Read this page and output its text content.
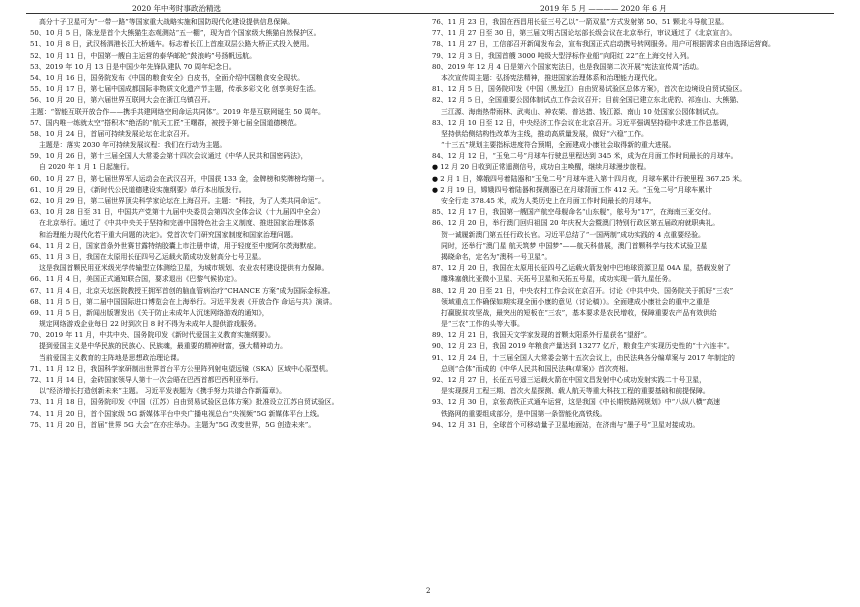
2020 年中考时事政治精选	2019 年 5 月 ———— 2020 年 6 月
高分十子卫星可为“一带一路”等国家重大战略实施和国防现代化建设提供信息保障。
50、10 月 5 日，陈龙是首个大熊猫生态观测站“五一棚”，现为首个国家级大熊猫自然保护区。
51、10 月 8 日，武汉杨泗港长江大桥通车。标志着长江上首座双层公路大桥正式投入使用。
52、10 月 11 日，中国第一艘自主运营的泰华邮轮“鼓浪屿”号扬帆远航。
53、2019 年 10 月 13 日是中国少年先锋队建队 70 周年纪念日。
54、10 月 16 日，国务院发布《中国的粮食安全》白皮书，全面介绍中国粮食安全现状。
55、10 月 17 日，第七届中国成都国际非物质文化遗产节主题，传承多彩文化 创享美好生活。
56、10 月 20 日，第六届世界互联网大会在浙江乌镇召开。
主题：“智能互联开放合作——携手共建网络空间命运共同体”。2019 年是互联网诞生 50 周年。
57、国内唯一练就太空“搭积木”绝活的“航天工匠”王曙群，被授予第七届全国道德模范。
58、10 月 24 日，首届可持续发展论坛在北京召开。
主题是：落实 2030 年可持续发展议程：我们在行动为主题。
59、10 月 26 日，第十三届全国人大常委会第十四次会议通过《中华人民共和国密码法》，
自 2020 年 1 月 1 日起施行。
60、10 月 27 日，第七届世界军人运动会在武汉召开，中国获 133 金，金牌榜和奖牌榜均第一。
61、10 月 29 日，《新时代公民道德建设实施纲要》单行本出版发行。
62、10 月 29 日，第二届世界顶尖科学家论坛在上海召开。主题：“科技，为了人类共同命运”。
63、10 月 28 日至 31 日，中国共产党第十九届中央委员会第四次全体会议（十九届四中全会）
在北京举行。通过了《中共中央关于坚持和完善中国特色社会主义制度、推进国家治理体系
和治理能力现代化若干重大问题的决定》。党首次专门研究国家制度和国家治理问题。
64、11 月 2 日，国家首条外世赛甘露特纳胶囊上市注册申请，用于轻度至中度阿尔茨海默症。
65、11 月 3 日，我国在太原用长征四号乙运载火箭成功发射高分七号卫星。
这是我国首颗民用亚米级光学传输型立体测绘卫星，为城市规划、农业农村建设提供有力保障。
66、11 月 4 日，美国正式通知联合国，要求退出《巴黎气候协定》。
67、11 月 4 日，北京天坛医院教授王拥军首创的脑血管病治疗“CHANCE 方案”成为国际金标准。
68、11 月 5 日，第二届中国国际进口博览会在上海举行。习近平发表《开放合作 命运与共》演讲。
69、11 月 5 日，新闻出版署发出《关于防止未成年人沉迷网络游戏的通知》，
规定网络游戏企业每日 22 时到次日 8 时不得为未成年人提供游戏服务。
70、2019 年 11 月，中共中央、国务院印发《新时代爱国主义教育实施纲要》。
提到爱国主义是中华民族的民族心、民族魂，最重要的精神财富，强大精神动力。
当前爱国主义教育的主阵地是思想政治理论课。
71、11 月 12 日，我国科学家研制出世界首台平方公里阵列射电望远镜（SKA）区域中心原型机。
72、11 月 14 日，金砖国家领导人第十一次会晤在巴西首都巴西利亚举行。
以“经济增长打造创新未来”主题。 习近平发表题为《携手努力共谱合作新篇章》。
73、11 月 18 日，国务院印发《中国（江苏）自由贸易试验区总体方案》批准设立江苏自贸试验区。
74、11 月 20 日，首个国家级 5G 新媒体平台中央广播电视总台“央视频”5G 新媒体平台上线。
75、11 月 20 日，首届“世界 5G 大会”在亦庄举办。主题为“5G 改变世界，5G 创造未来”。
76、11 月 23 日，我国在西昌用长征三号乙以“一箭双星”方式发射第 50、51 颗北斗导航卫星。
77、11 月 27 日至 30 日，第三届文明古国论坛部长级会议在北京举行，审议通过了《北京宣言》。
78、11 月 27 日，工信部召开新闻发布会，宣布我国正式启动携号转网服务。用户可根据需求自由选择运营商。
79、12 月 3 日，我国首艘 3000 吨级大型浮标作业船“向阳红 22”在上海交付入列。
80、2019 年 12 月 4 日是第六个国家宪法日，也是我国第二次开展“宪法宣传周”活动。
本次宣传周主题：弘扬宪法精神，推进国家治理体系和治理能力现代化。
81、12 月 5 日，国务院印发《中国（黑龙江）自由贸易试验区总体方案》，首次在边境设自贸试验区。
82、12 月 5 日，全国重要公园体制试点工作会议召开；目前全国已建立东北虎豹、祁连山、大熊猫、
三江源、海南热带雨林、武夷山、神农架、普达措、钱江源、南山 10 处国家公园体制试点。
83、12 月 10 日至 12 日，中央经济工作会议在北京召开。习近平强调坚持稳中求进工作总基调，
坚持供给侧结构性改革为主线，推动高质量发展，做好“六稳”工作。
“十三五”规划主要指标进度符合预期，全面建成小康社会取得新的重大进展。
84、12 月 12 日，“玉兔二号”月球车行驶总里程达到 345 米，成为在月面工作时间最长的月球车。
● 12 月 20 日收到正常遥测信号，成功自主唤醒，继续月球漫步旅程。
● 2 月 1 日，嫦娥四号着陆器和“玉兔二号”月球车进入第十四月夜，月球车累计行驶里程 367.25 米。
● 2 月 19 日，嫦娥四号着陆器和探测器已在月球背面工作 412 天。“玉兔二号”月球车累计
安全行走 378.45 米，成为人类历史上在月面工作时间最长的月球车。
85、12 月 17 日，我国第一艘国产航空母舰命名“山东舰”，舷号为“17”，在海南三亚交付。
86、12 月 20 日，举行澳门回归祖国 20 年庆祝大会暨澳门特别行政区第五届政府就职典礼。
贺一诚履新澳门第五任行政长官。习近平总结了“一国两制”成功实践的 4 点重要经验。
同时，还举行“澳门星 航天筑梦 中国梦”——航天科普展，澳门首颗科学与技术试验卫星
揭晓命名，定名为“澳科一号卫星”。
87、12 月 20 日，我国在太原用长征四号乙运载火箭发射中巴地球资源卫星 04A 星，搭载发射了
雕珠塞俄比亚微小卫星、天拓号卫星和天拓五号星，成功实现一箭九星任务。
88、12 月 20 日至 21 日，中央农村工作会议在京召开。讨论《中共中央、国务院关于抓好“三农”
领域重点工作确保如期实现全面小康的意见（讨论稿）》。全面建成小康社会的重中之重是
打赢脱贫攻坚战，最突出的短板在“三农”，基本要求是农民增收，保障重要农产品有效供给
是“三农”工作的头等大事。
89、12 月 21 日，我国天文学家发现的首颗太阳系外行星获名“望舒”。
90、12 月 23 日，我国 2019 年粮食产量达到 13277 亿斤，粮食生产实现历史性的“十六连丰”。
91、12 月 24 日，十三届全国人大常委会第十五次会议上，由民法典各分编草案与 2017 年制定的
总则“合体”而成的《中华人民共和国民法典(草案)》首次亮相。
92、12 月 27 日，长征五号遥三运载火箭在中国文昌发射中心成功发射实践二十号卫星，
是实现探月工程三期、首次火星探测、载人航天等重大科技工程的重要基础和前提保障。
93、12 月 30 日，京张高铁正式通车运营，这是我国《中长期铁路网规划》中“八纵八横”高速
铁路网的重要组成部分，是中国第一条智能化高铁线。
94、12 月 31 日，全球首个可移动量子卫星地面站，在济南与“墨子号”卫星对接成功。
2
